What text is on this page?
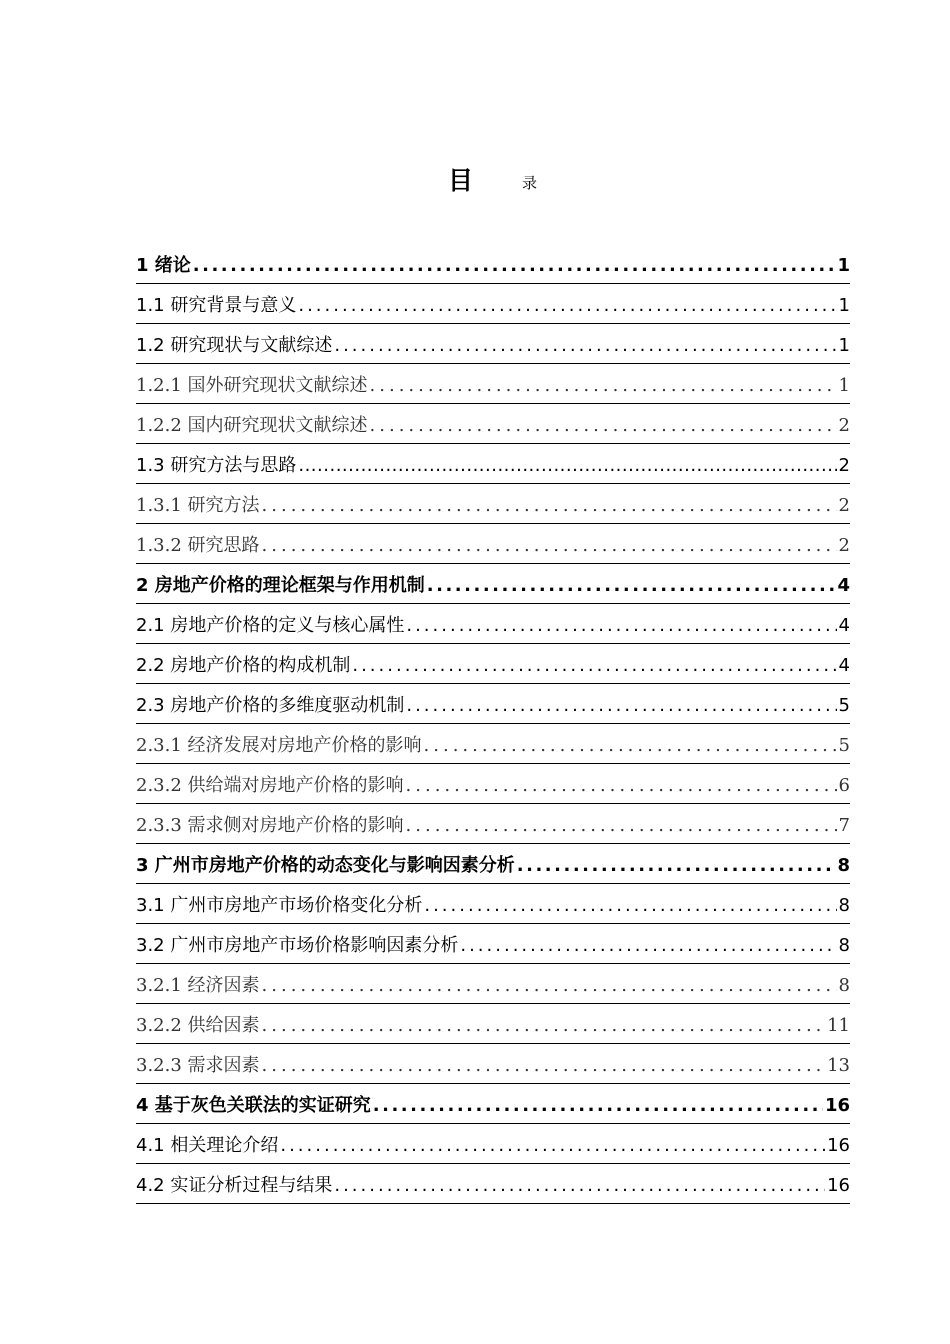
目	录
1 绪论 .....	1
1.1 研究背景与意义 .....	1
1.2 研究现状与文献综述 .....	1
1.2.1 国外研究现状文献综述 .....	1
1.2.2 国内研究现状文献综述 .....	2
1.3 研究方法与思路 .....	2
1.3.1 研究方法 .....	2
1.3.2 研究思路 .....	2
2 房地产价格的理论框架与作用机制 .....	4
2.1 房地产价格的定义与核心属性 .....	4
2.2 房地产价格的构成机制 .....	4
2.3 房地产价格的多维度驱动机制 .....	5
2.3.1 经济发展对房地产价格的影响 .....	5
2.3.2 供给端对房地产价格的影响 .....	6
2.3.3 需求侧对房地产价格的影响 .....	7
3 广州市房地产价格的动态变化与影响因素分析 .....	8
3.1 广州市房地产市场价格变化分析 .....	8
3.2 广州市房地产市场价格影响因素分析 .....	8
3.2.1 经济因素 .....	8
3.2.2 供给因素 .....	11
3.2.3 需求因素 .....	13
4 基于灰色关联法的实证研究 .....	16
4.1 相关理论介绍 .....	16
4.2 实证分析过程与结果 .....	16
